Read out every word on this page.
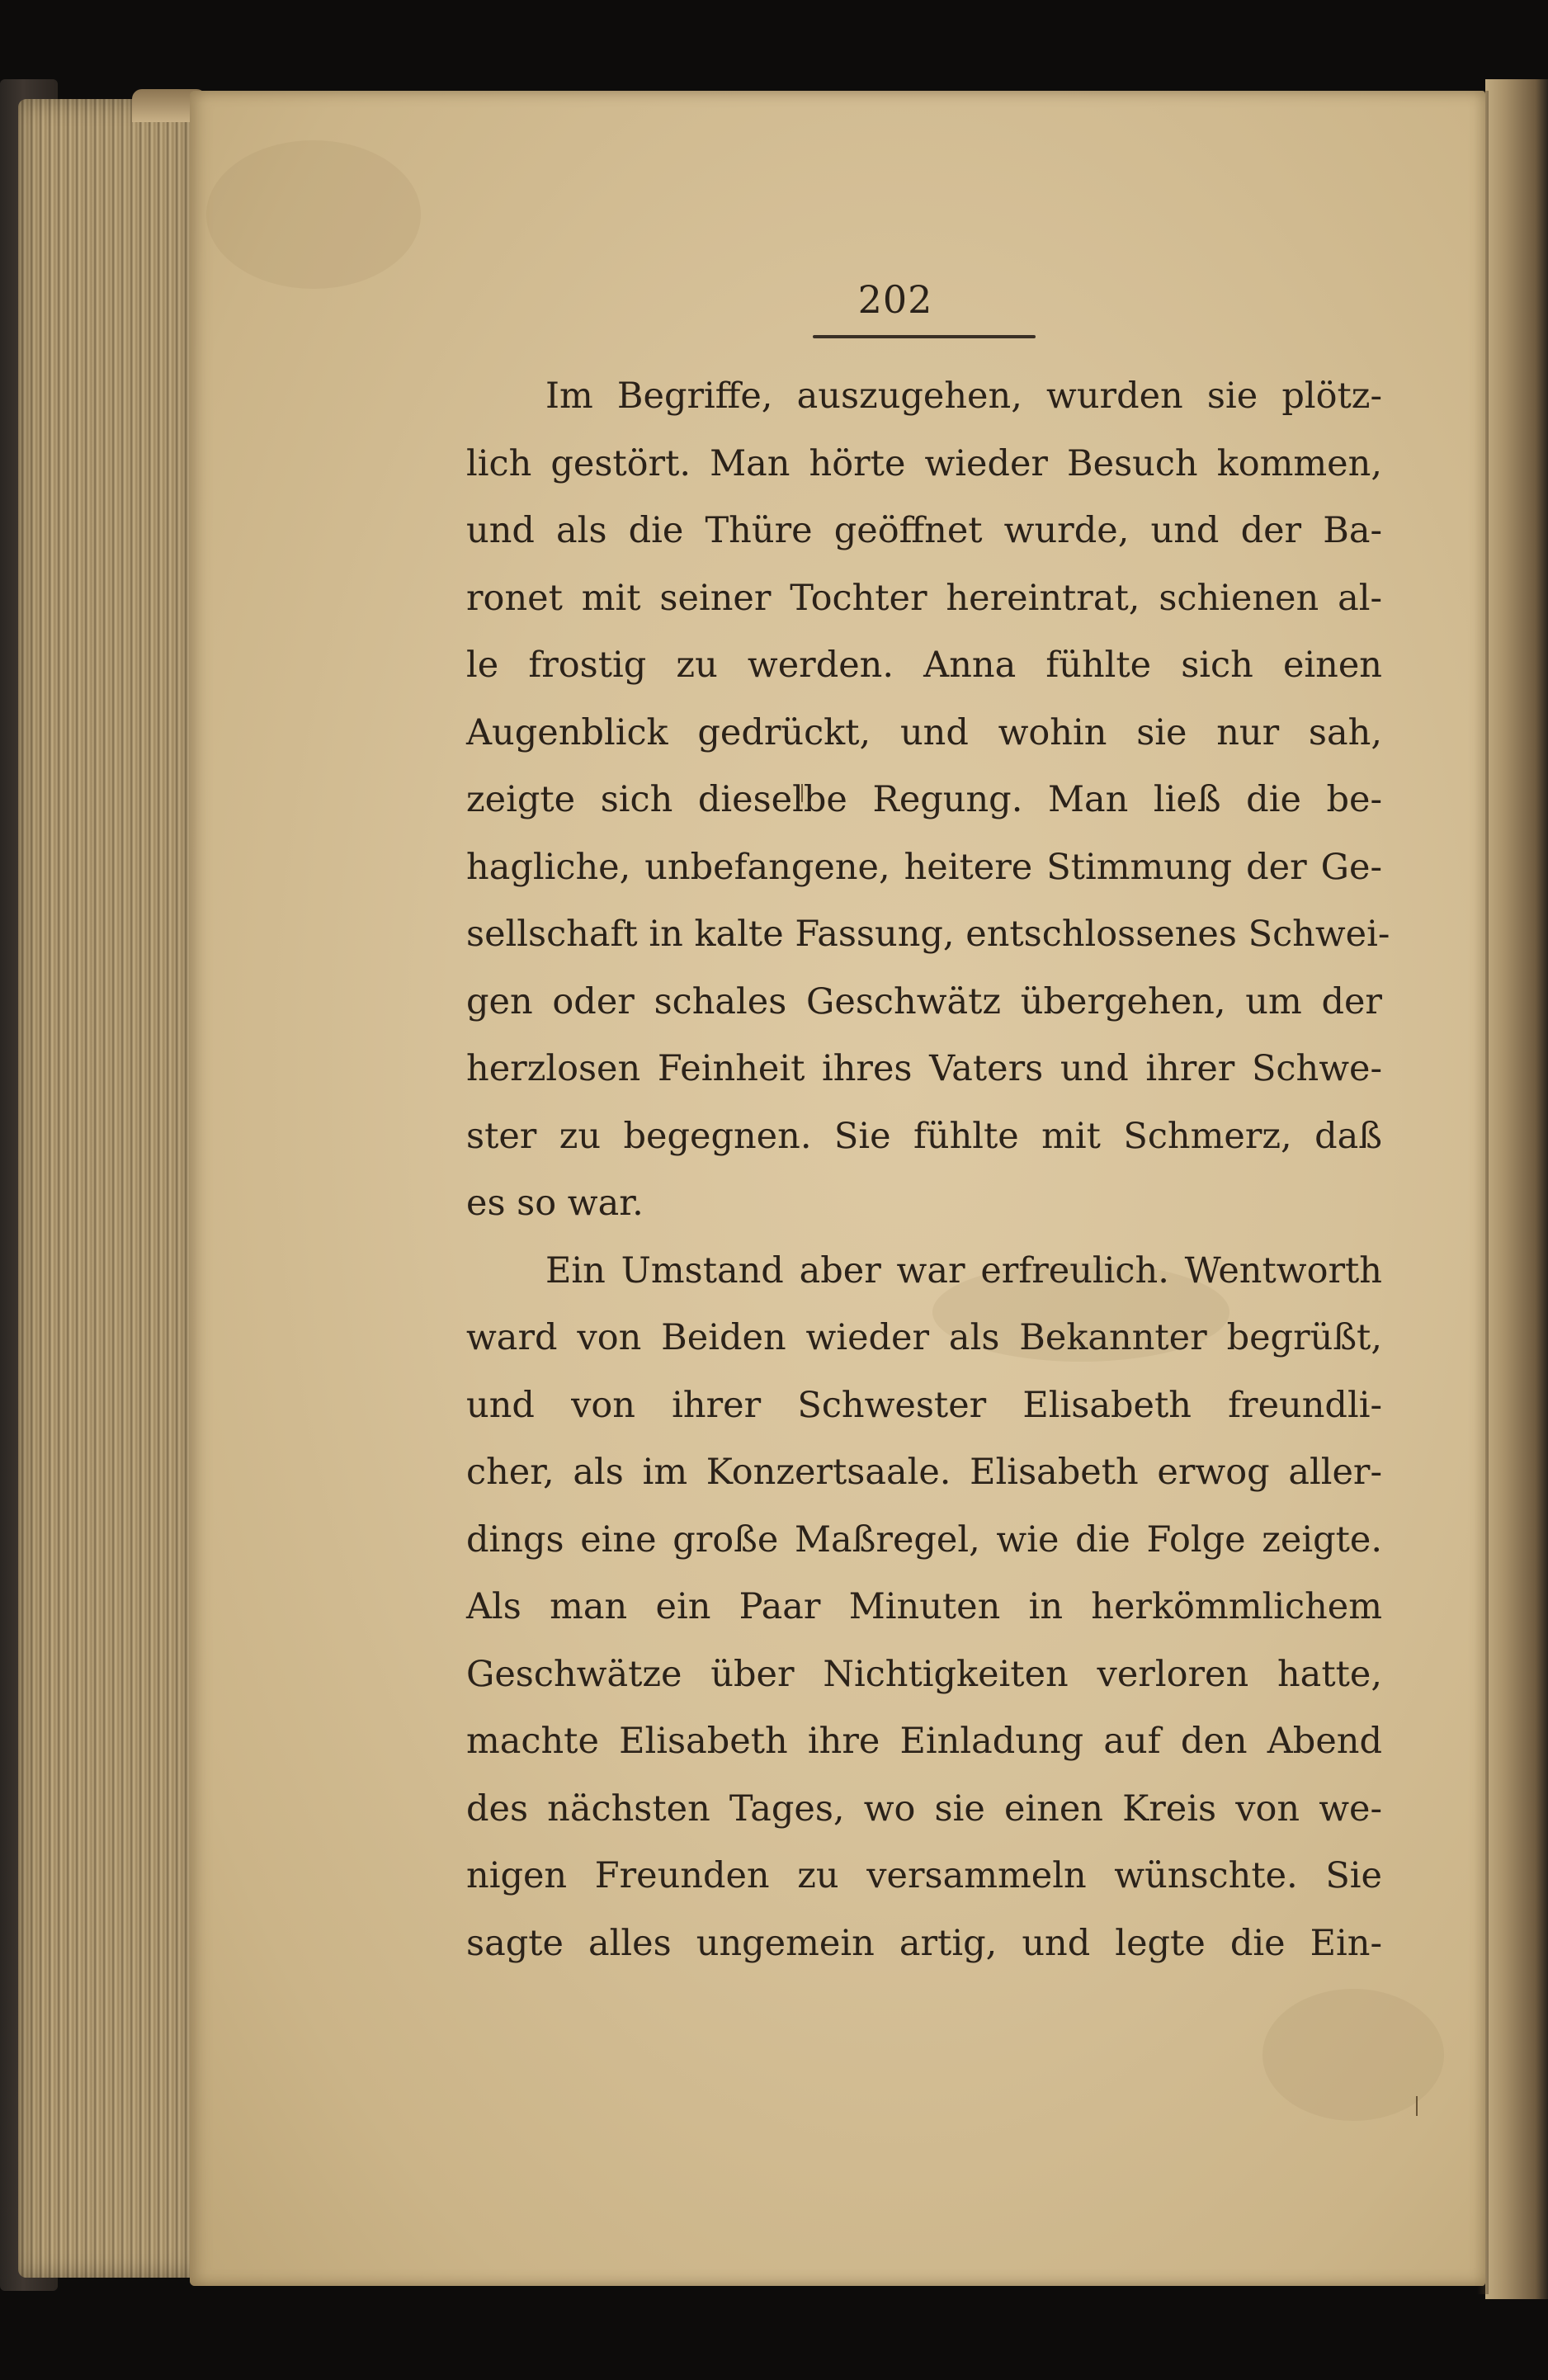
202
Im Begriffe, auszugehen, wurden sie plötz-
lich gestört. Man hörte wieder Besuch kommen,
und als die Thüre geöffnet wurde, und der Ba-
ronet mit seiner Tochter hereintrat, schienen al-
le frostig zu werden. Anna fühlte sich einen
Augenblick gedrückt, und wohin sie nur sah,
zeigte sich dieselbe Regung. Man ließ die be-
hagliche, unbefangene, heitere Stimmung der Ge-
sellschaft in kalte Fassung, entschlossenes Schwei-
gen oder schales Geschwätz übergehen, um der
herzlosen Feinheit ihres Vaters und ihrer Schwe-
ster zu begegnen. Sie fühlte mit Schmerz, daß
es so war.
Ein Umstand aber war erfreulich. Wentworth
ward von Beiden wieder als Bekannter begrüßt,
und von ihrer Schwester Elisabeth freundli-
cher, als im Konzertsaale. Elisabeth erwog aller-
dings eine große Maßregel, wie die Folge zeigte.
Als man ein Paar Minuten in herkömmlichem
Geschwätze über Nichtigkeiten verloren hatte,
machte Elisabeth ihre Einladung auf den Abend
des nächsten Tages, wo sie einen Kreis von we-
nigen Freunden zu versammeln wünschte. Sie
sagte alles ungemein artig, und legte die Ein-
